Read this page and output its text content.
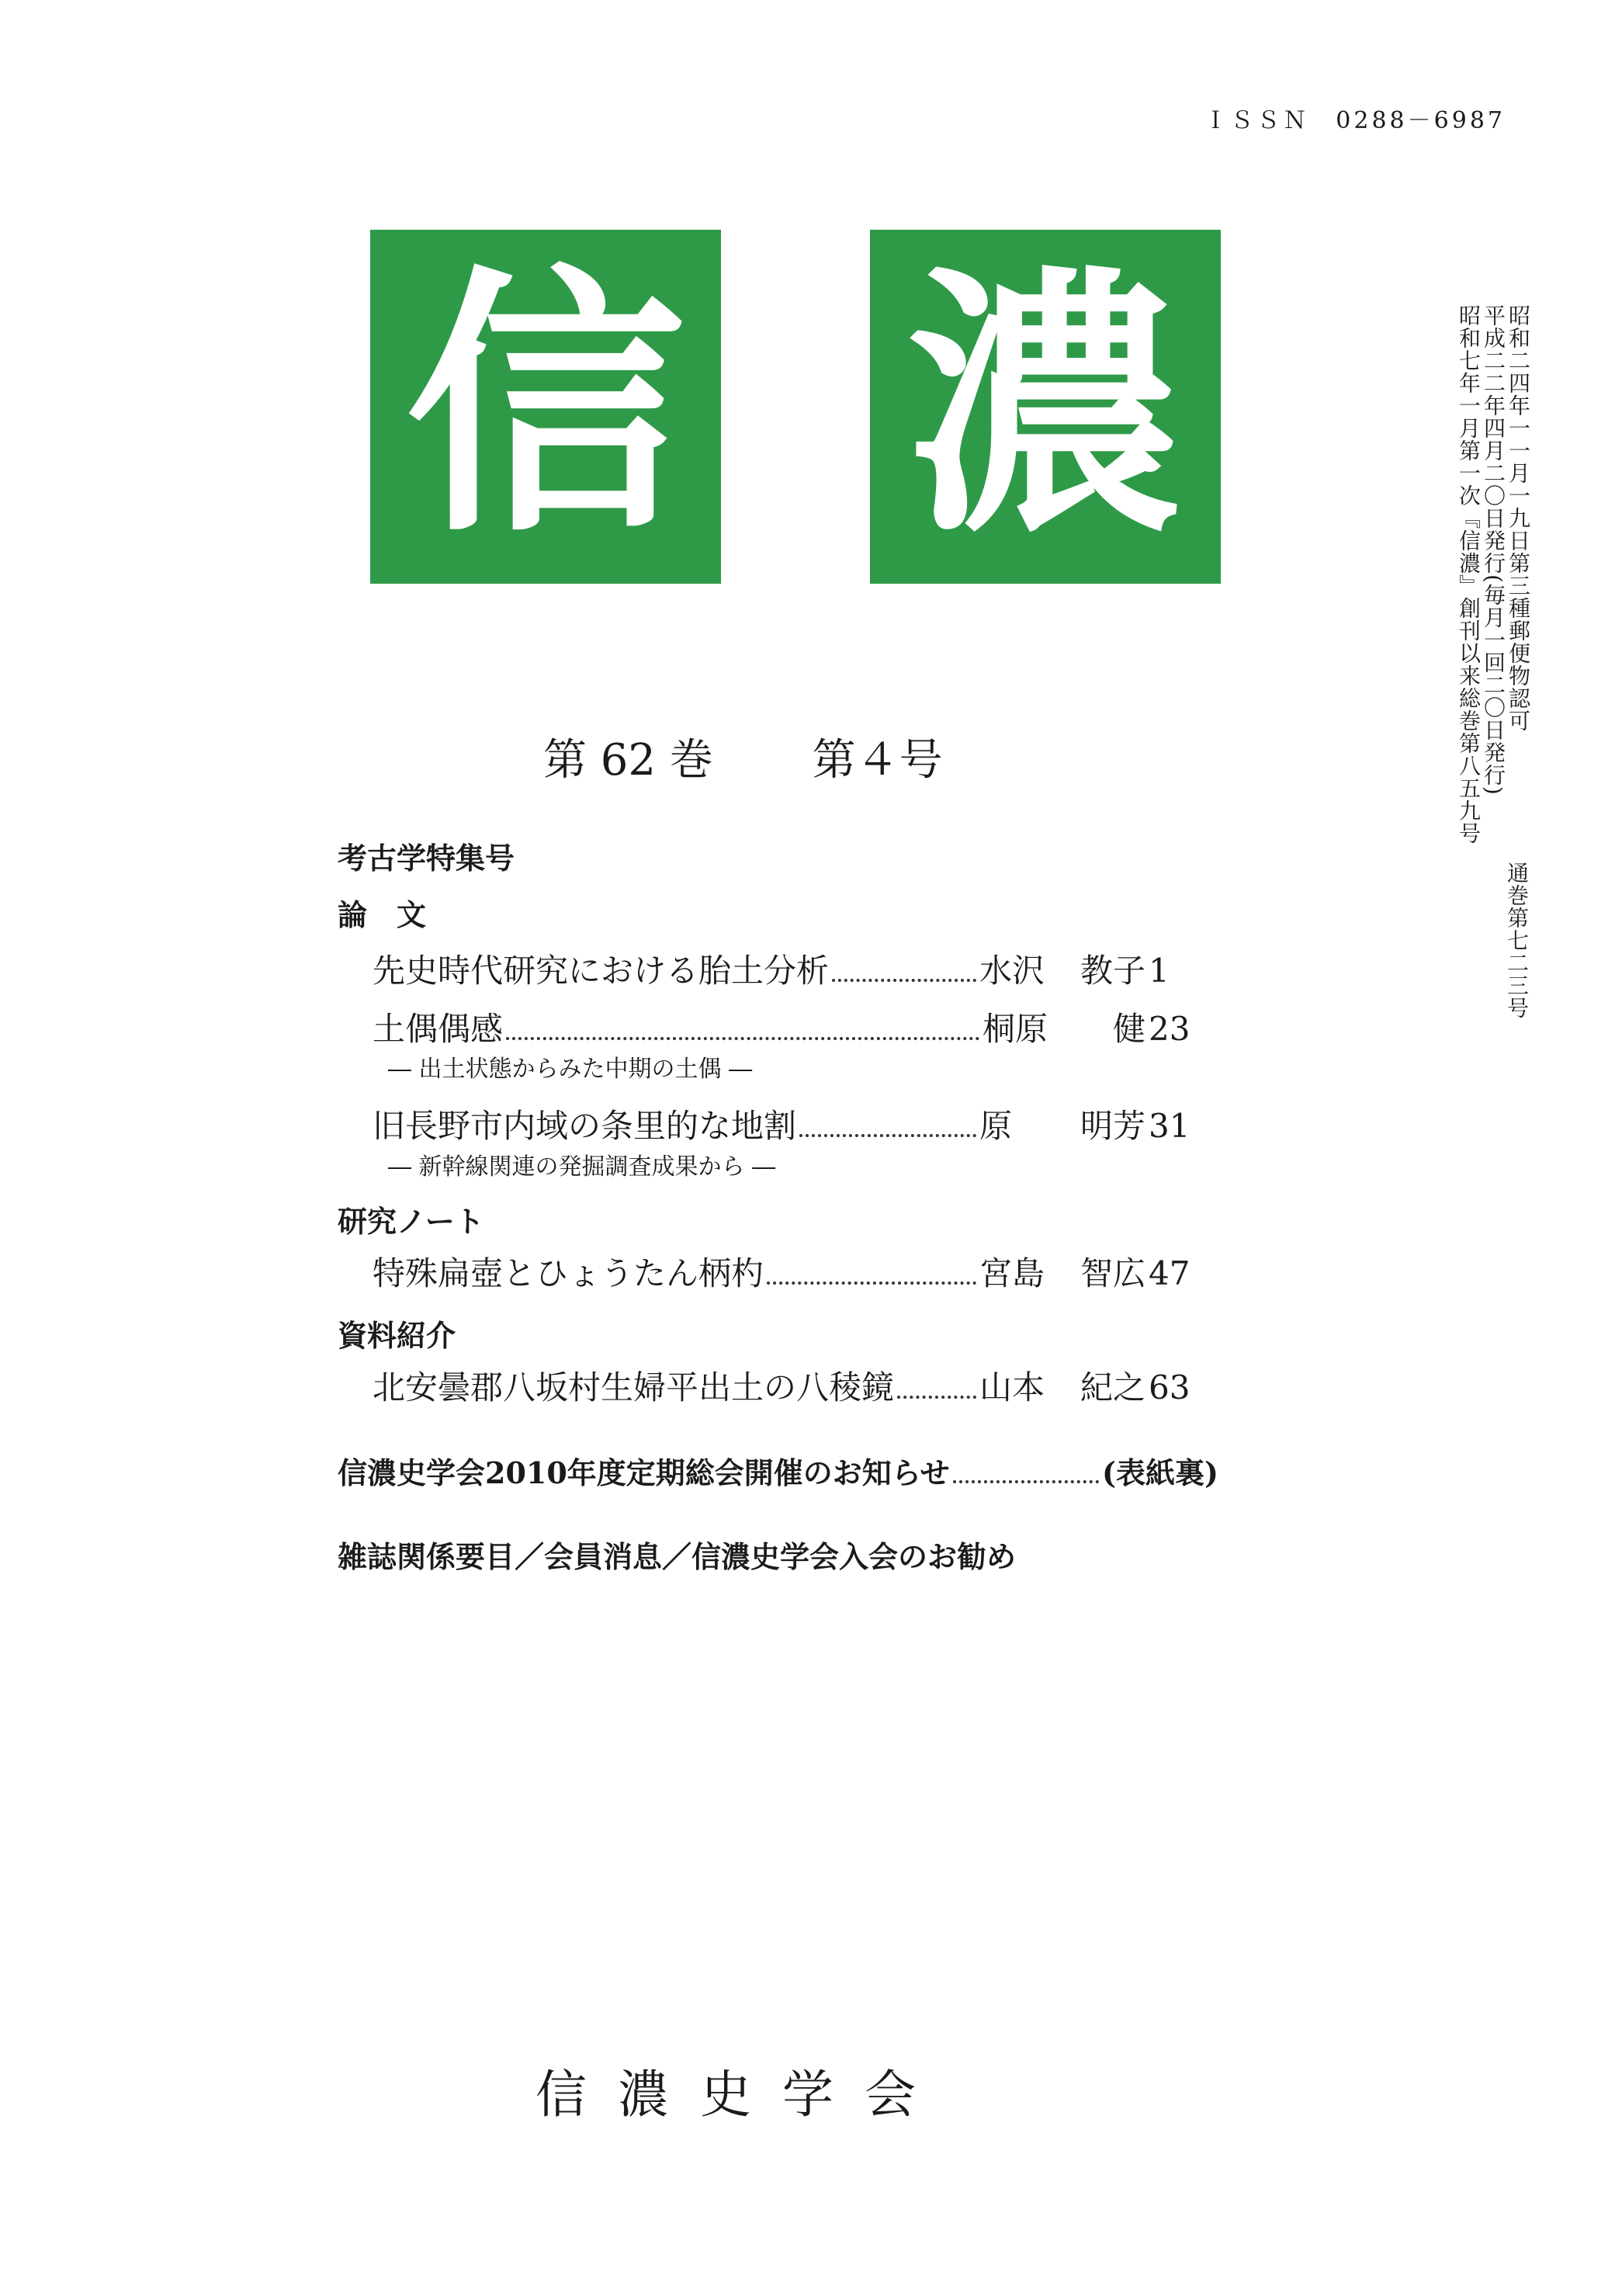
ＩＳＳＮ　0288－6987
信 濃
第 62 巻 第４号
考古学特集号
論　文
先史時代研究における胎土分析	水沢	教子 1
土偶偶感	桐原	健 23
― 出土状態からみた中期の土偶 ―
旧長野市内域の条里的な地割	原	明芳 31
― 新幹線関連の発掘調査成果から ―
研究ノート
特殊扁壺とひょうたん柄杓	宮島	智広 47
資料紹介
北安曇郡八坂村生婦平出土の八稜鏡	山本	紀之 63
信濃史学会2010年度定期総会開催のお知らせ	(表紙裏)
雑誌関係要目／会員消息／信濃史学会入会のお勧め
信濃史学会
昭和二四年一一月一九日第三種郵便物認可
平成二二年四月二〇日発行(毎月一回二〇日発行)
昭和七年一月第一次『信濃』創刊以来総巻第八五九号
通巻第七二三号
